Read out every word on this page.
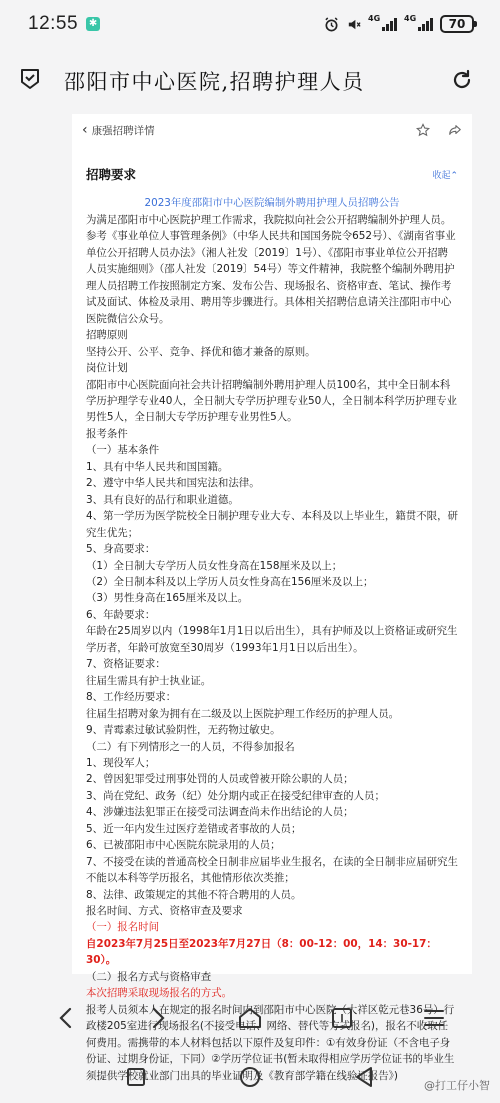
12:55 ✱	4G	4G	70
邵阳市中心医院,招聘护理人员
‹ 康强招聘详情
招聘要求	收起⌃
2023年度邵阳市中心医院编制外聘用护理人员招聘公告

为满足邵阳市中心医院护理工作需求，我院拟向社会公开招聘编制外护理人员。参考《事业单位人事管理条例》（中华人民共和国国务院令652号）、《湖南省事业单位公开招聘人员办法》（湘人社发〔2019〕1号）、《邵阳市事业单位公开招聘人员实施细则》（邵人社发〔2019〕54号）等文件精神，我院整个编制外聘用护理人员招聘工作按照制定方案、发布公告、现场报名、资格审查、笔试、操作考试及面试、体检及录用、聘用等步骤进行。具体相关招聘信息请关注邵阳市中心医院微信公众号。

招聘原则

坚持公开、公平、竞争、择优和德才兼备的原则。

岗位计划

邵阳市中心医院面向社会共计招聘编制外聘用护理人员100名，其中全日制本科学历护理学专业40人，全日制大专学历护理专业50人，全日制本科学历护理专业男性5人，全日制大专学历护理专业男性5人。

报考条件

（一）基本条件

1、具有中华人民共和国国籍。

2、遵守中华人民共和国宪法和法律。

3、具有良好的品行和职业道德。

4、第一学历为医学院校全日制护理专业大专、本科及以上毕业生，籍贯不限，研究生优先；

5、身高要求：

（1）全日制大专学历人员女性身高在158厘米及以上；

（2）全日制本科及以上学历人员女性身高在156厘米及以上；

（3）男性身高在165厘米及以上。

6、年龄要求：

年龄在25周岁以内（1998年1月1日以后出生），具有护师及以上资格证或研究生学历者，年龄可放宽至30周岁（1993年1月1日以后出生）。

7、资格证要求：

往届生需具有护士执业证。

8、工作经历要求：

往届生招聘对象为拥有在二级及以上医院护理工作经历的护理人员。

9、青霉素过敏试验阴性，无药物过敏史。

（二）有下列情形之一的人员，不得参加报名

1、现役军人；

2、曾因犯罪受过刑事处罚的人员或曾被开除公职的人员；

3、尚在党纪、政务（纪）处分期内或正在接受纪律审查的人员；

4、涉嫌违法犯罪正在接受司法调查尚未作出结论的人员；

5、近一年内发生过医疗差错或者事故的人员；

6、已被邵阳市中心医院东院录用的人员；

7、不接受在读的普通高校全日制非应届毕业生报名，在读的全日制非应届研究生不能以本科等学历报名，其他情形依次类推；

8、法律、政策规定的其他不符合聘用的人员。

报名时间、方式、资格审查及要求

（一）报名时间

自2023年7月25日至2023年7月27日（8：00-12：00，14：30-17：30）。

（二）报名方式与资格审查

本次招聘采取现场报名的方式。

报考人员须本人在规定的报名时间内到邵阳市中心医院（大祥区乾元巷36号）行政楼205室进行现场报名(不接受电话、网络、替代等方式报名)，报名不收取任何费用。需携带的本人材料包括以下原件及复印件：①有效身份证（不含电子身份证、过期身份证，下同）②学历学位证书(暂未取得相应学历学位证书的毕业生须提供学校就业部门出具的毕业证明及《教育部学籍在线验证报告》)

@打工仔小智
